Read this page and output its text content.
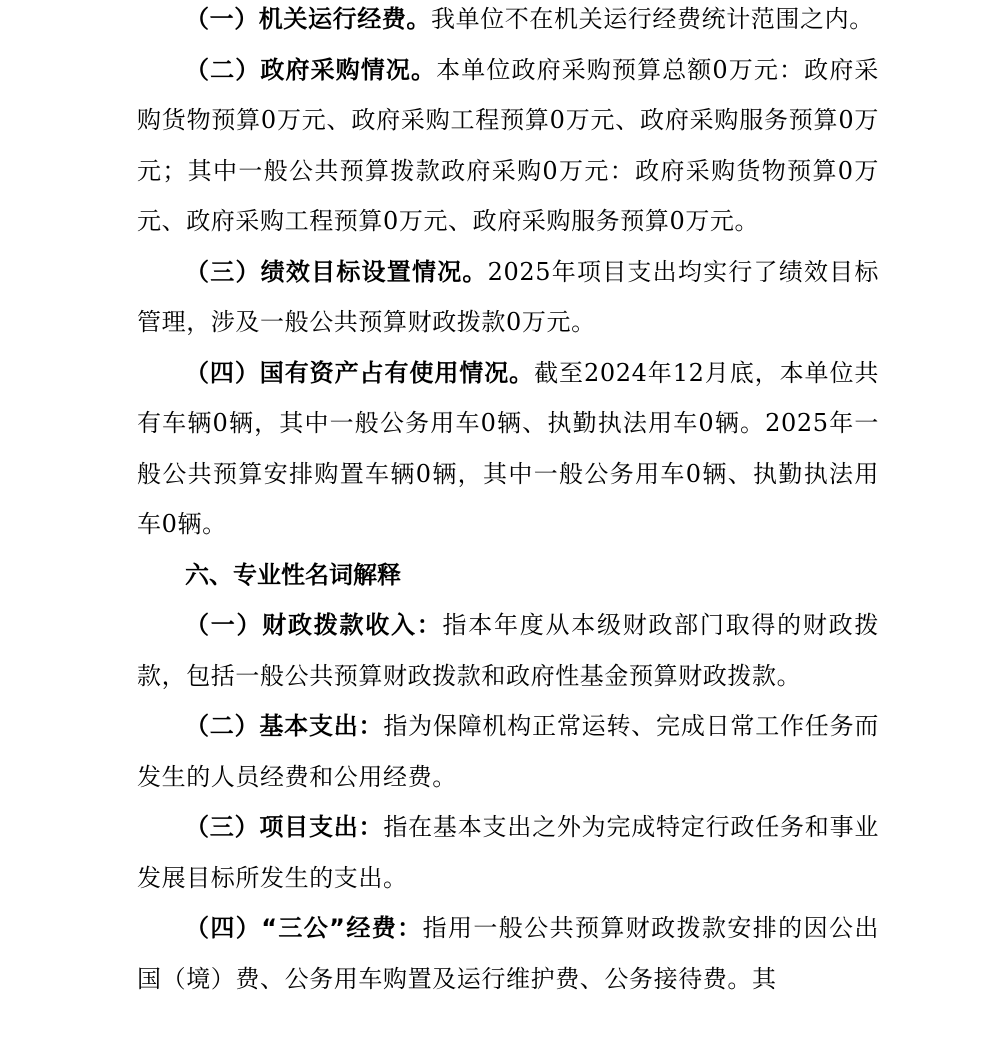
（一）机关运行经费。我单位不在机关运行经费统计范围之内。

（二）政府采购情况。本单位政府采购预算总额0万元：政府采购货物预算0万元、政府采购工程预算0万元、政府采购服务预算0万元；其中一般公共预算拨款政府采购0万元：政府采购货物预算0万元、政府采购工程预算0万元、政府采购服务预算0万元。

（三）绩效目标设置情况。2025年项目支出均实行了绩效目标管理，涉及一般公共预算财政拨款0万元。

（四）国有资产占有使用情况。截至2024年12月底，本单位共有车辆0辆，其中一般公务用车0辆、执勤执法用车0辆。2025年一般公共预算安排购置车辆0辆，其中一般公务用车0辆、执勤执法用车0辆。

六、专业性名词解释

（一）财政拨款收入：指本年度从本级财政部门取得的财政拨款，包括一般公共预算财政拨款和政府性基金预算财政拨款。

（二）基本支出：指为保障机构正常运转、完成日常工作任务而发生的人员经费和公用经费。

（三）项目支出：指在基本支出之外为完成特定行政任务和事业发展目标所发生的支出。

（四）“三公”经费：指用一般公共预算财政拨款安排的因公出国（境）费、公务用车购置及运行维护费、公务接待费。其
